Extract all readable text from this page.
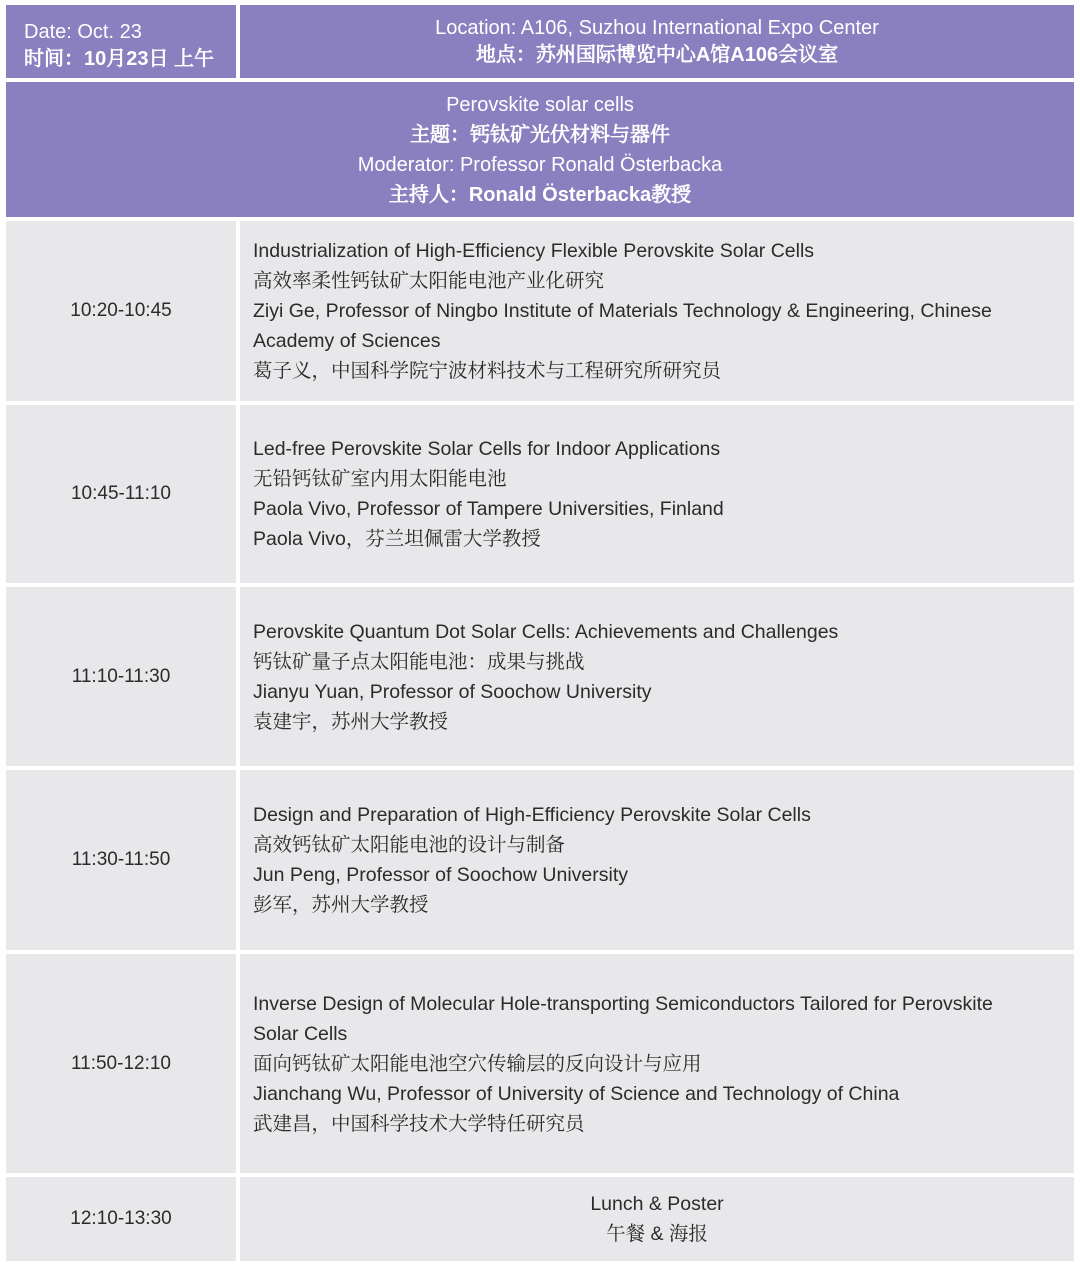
Date: Oct. 23
时间：10月23日 上午
Location: A106, Suzhou International Expo Center
地点：苏州国际博览中心A馆A106会议室
Perovskite solar cells
主题：钙钛矿光伏材料与器件
Moderator: Professor Ronald Österbacka
主持人：Ronald Österbacka教授
10:20-10:45
Industrialization of High-Efficiency Flexible Perovskite Solar Cells
高效率柔性钙钛矿太阳能电池产业化研究
Ziyi Ge, Professor of Ningbo Institute of Materials Technology & Engineering, Chinese
Academy of Sciences
葛子义，中国科学院宁波材料技术与工程研究所研究员
10:45-11:10
Led-free Perovskite Solar Cells for Indoor Applications
无铅钙钛矿室内用太阳能电池
Paola Vivo, Professor of Tampere Universities, Finland
Paola Vivo，芬兰坦佩雷大学教授
11:10-11:30
Perovskite Quantum Dot Solar Cells: Achievements and Challenges
钙钛矿量子点太阳能电池：成果与挑战
Jianyu Yuan, Professor of Soochow University
袁建宇，苏州大学教授
11:30-11:50
Design and Preparation of High-Efficiency Perovskite Solar Cells
高效钙钛矿太阳能电池的设计与制备
Jun Peng, Professor of Soochow University
彭军，苏州大学教授
11:50-12:10
Inverse Design of Molecular Hole-transporting Semiconductors Tailored for Perovskite
Solar Cells
面向钙钛矿太阳能电池空穴传输层的反向设计与应用
Jianchang Wu, Professor of University of Science and Technology of China
武建昌，中国科学技术大学特任研究员
12:10-13:30
Lunch & Poster
午餐 & 海报
